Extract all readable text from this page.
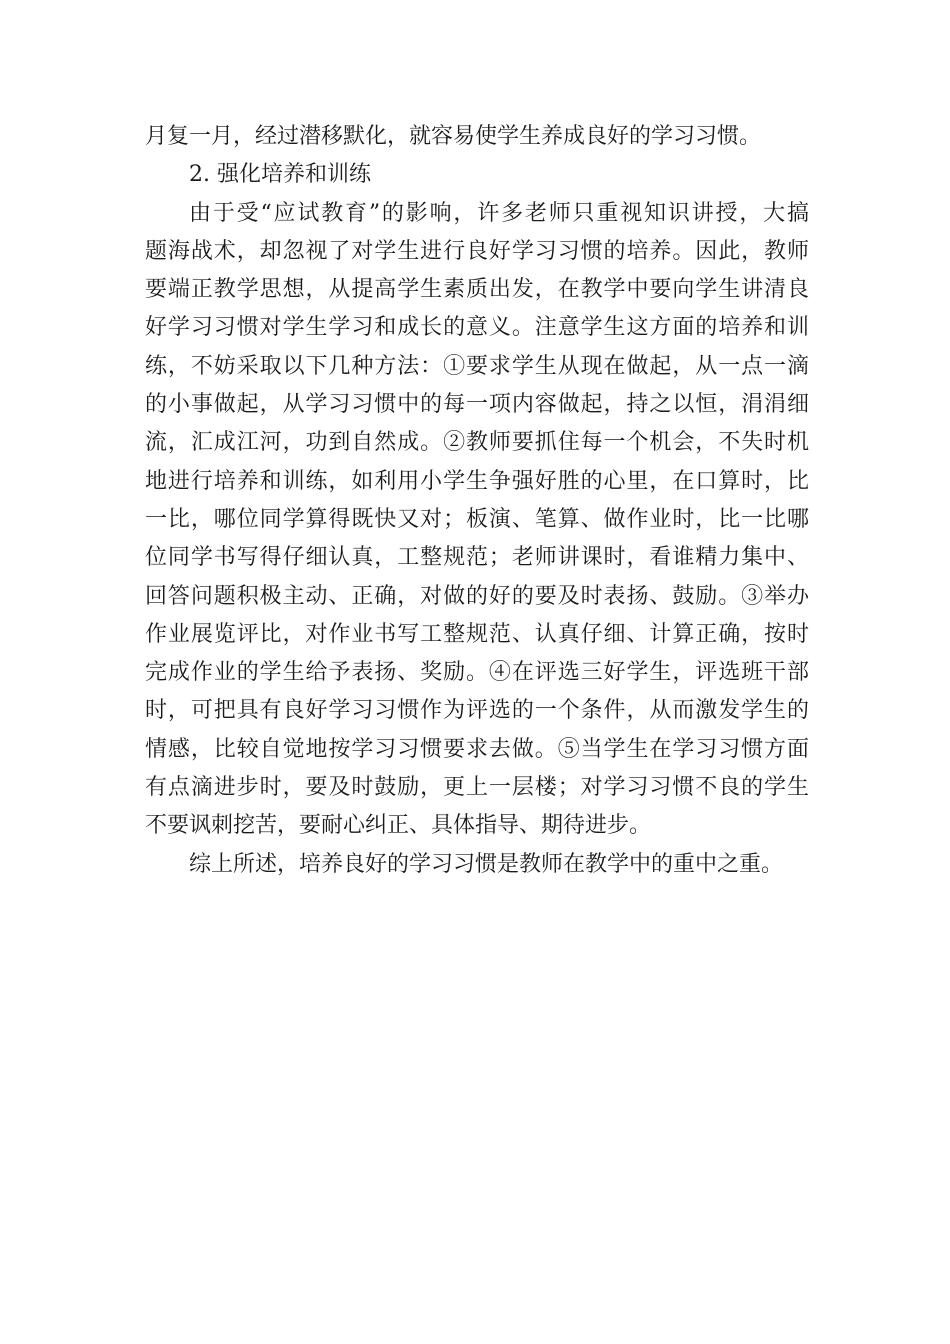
月复一月，经过潜移默化，就容易使学生养成良好的学习习惯。
2. 强化培养和训练
由于受“应试教育”的影响，许多老师只重视知识讲授，大搞
题海战术，却忽视了对学生进行良好学习习惯的培养。因此，教师
要端正教学思想，从提高学生素质出发，在教学中要向学生讲清良
好学习习惯对学生学习和成长的意义。注意学生这方面的培养和训
练，不妨采取以下几种方法：①要求学生从现在做起，从一点一滴
的小事做起，从学习习惯中的每一项内容做起，持之以恒，涓涓细
流，汇成江河，功到自然成。②教师要抓住每一个机会，不失时机
地进行培养和训练，如利用小学生争强好胜的心里，在口算时，比
一比，哪位同学算得既快又对；板演、笔算、做作业时，比一比哪
位同学书写得仔细认真，工整规范；老师讲课时，看谁精力集中、
回答问题积极主动、正确，对做的好的要及时表扬、鼓励。③举办
作业展览评比，对作业书写工整规范、认真仔细、计算正确，按时
完成作业的学生给予表扬、奖励。④在评选三好学生，评选班干部
时，可把具有良好学习习惯作为评选的一个条件，从而激发学生的
情感，比较自觉地按学习习惯要求去做。⑤当学生在学习习惯方面
有点滴进步时，要及时鼓励，更上一层楼；对学习习惯不良的学生
不要讽刺挖苦，要耐心纠正、具体指导、期待进步。
综上所述，培养良好的学习习惯是教师在教学中的重中之重。
